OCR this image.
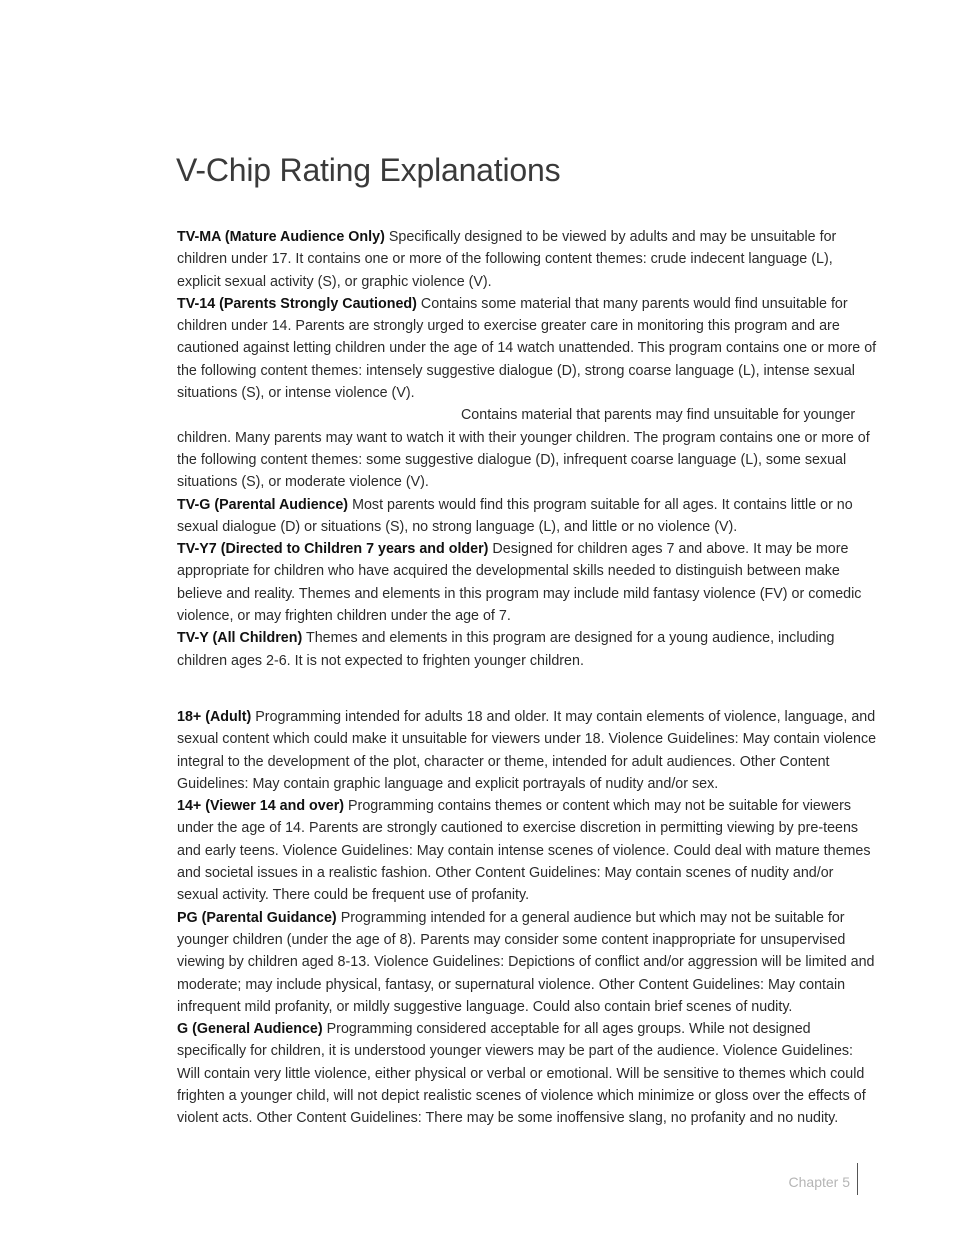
V-Chip Rating Explanations

TV-MA (Mature Audience Only) Specifically designed to be viewed by adults and may be unsuitable for children under 17. It contains one or more of the following content themes: crude indecent language (L), explicit sexual activity (S), or graphic violence (V).

TV-14 (Parents Strongly Cautioned) Contains some material that many parents would find unsuitable for children under 14. Parents are strongly urged to exercise greater care in monitoring this program and are cautioned against letting children under the age of 14 watch unattended. This program contains one or more of the following content themes: intensely suggestive dialogue (D), strong coarse language (L), intense sexual situations (S), or intense violence (V).

Contains material that parents may find unsuitable for younger children. Many parents may want to watch it with their younger children. The program contains one or more of the following content themes: some suggestive dialogue (D), infrequent coarse language (L), some sexual situations (S), or moderate violence (V).

TV-G (Parental Audience) Most parents would find this program suitable for all ages. It contains little or no sexual dialogue (D) or situations (S), no strong language (L), and little or no violence (V).

TV-Y7 (Directed to Children 7 years and older) Designed for children ages 7 and above. It may be more appropriate for children who have acquired the developmental skills needed to distinguish between make believe and reality. Themes and elements in this program may include mild fantasy violence (FV) or comedic violence, or may frighten children under the age of 7.

TV-Y (All Children) Themes and elements in this program are designed for a young audience, including children ages 2-6. It is not expected to frighten younger children.

18+ (Adult) Programming intended for adults 18 and older. It may contain elements of violence, language, and sexual content which could make it unsuitable for viewers under 18. Violence Guidelines: May contain violence integral to the development of the plot, character or theme, intended for adult audiences. Other Content Guidelines: May contain graphic language and explicit portrayals of nudity and/or sex.

14+ (Viewer 14 and over) Programming contains themes or content which may not be suitable for viewers under the age of 14. Parents are strongly cautioned to exercise discretion in permitting viewing by pre-teens and early teens. Violence Guidelines: May contain intense scenes of violence. Could deal with mature themes and societal issues in a realistic fashion. Other Content Guidelines: May contain scenes of nudity and/or sexual activity. There could be frequent use of profanity.

PG (Parental Guidance) Programming intended for a general audience but which may not be suitable for younger children (under the age of 8). Parents may consider some content inappropriate for unsupervised viewing by children aged 8-13. Violence Guidelines: Depictions of conflict and/or aggression will be limited and moderate; may include physical, fantasy, or supernatural violence. Other Content Guidelines: May contain infrequent mild profanity, or mildly suggestive language. Could also contain brief scenes of nudity.

G (General Audience) Programming considered acceptable for all ages groups. While not designed specifically for children, it is understood younger viewers may be part of the audience. Violence Guidelines: Will contain very little violence, either physical or verbal or emotional. Will be sensitive to themes which could frighten a younger child, will not depict realistic scenes of violence which minimize or gloss over the effects of violent acts. Other Content Guidelines: There may be some inoffensive slang, no profanity and no nudity.

Chapter 5
